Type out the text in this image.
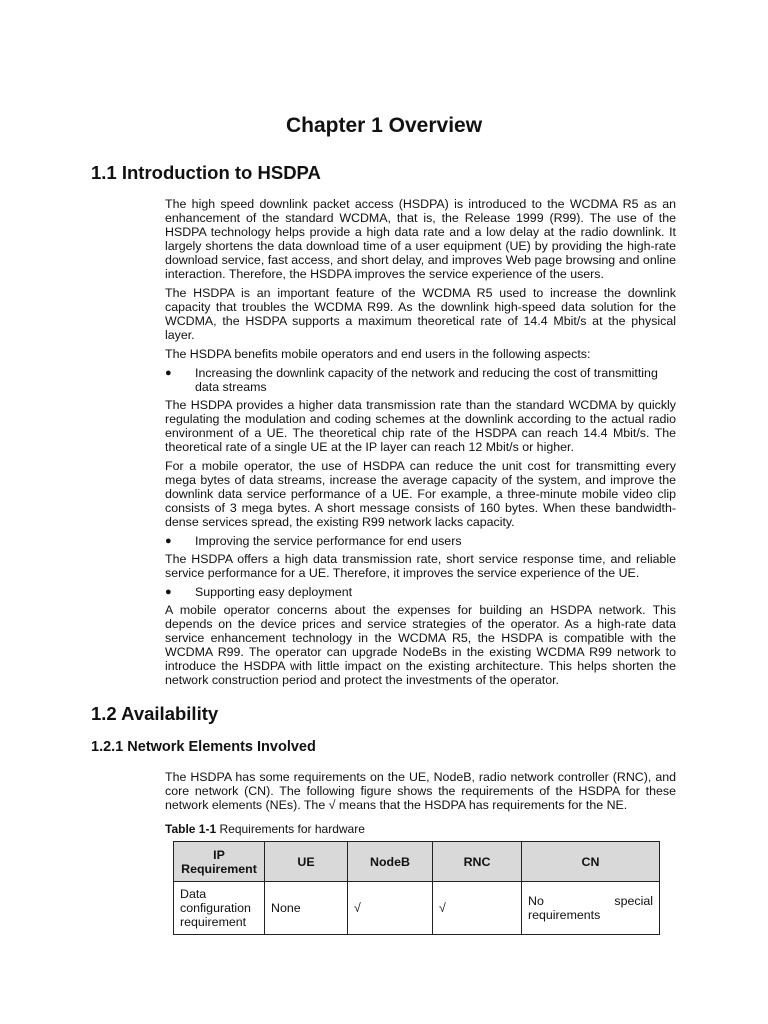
Chapter 1 Overview
1.1 Introduction to HSDPA

The high speed downlink packet access (HSDPA) is introduced to the WCDMA R5 as an enhancement of the standard WCDMA, that is, the Release 1999 (R99). The use of the HSDPA technology helps provide a high data rate and a low delay at the radio downlink. It largely shortens the data download time of a user equipment (UE) by providing the high-rate download service, fast access, and short delay, and improves Web page browsing and online interaction. Therefore, the HSDPA improves the service experience of the users.

The HSDPA is an important feature of the WCDMA R5 used to increase the downlink capacity that troubles the WCDMA R99. As the downlink high-speed data solution for the WCDMA, the HSDPA supports a maximum theoretical rate of 14.4 Mbit/s at the physical layer.

The HSDPA benefits mobile operators and end users in the following aspects:

●	Increasing the downlink capacity of the network and reducing the cost of transmitting data streams

The HSDPA provides a higher data transmission rate than the standard WCDMA by quickly regulating the modulation and coding schemes at the downlink according to the actual radio environment of a UE. The theoretical chip rate of the HSDPA can reach 14.4 Mbit/s. The theoretical rate of a single UE at the IP layer can reach 12 Mbit/s or higher.

For a mobile operator, the use of HSDPA can reduce the unit cost for transmitting every mega bytes of data streams, increase the average capacity of the system, and improve the downlink data service performance of a UE. For example, a three-minute mobile video clip consists of 3 mega bytes. A short message consists of 160 bytes. When these bandwidth-dense services spread, the existing R99 network lacks capacity.

●	Improving the service performance for end users

The HSDPA offers a high data transmission rate, short service response time, and reliable service performance for a UE. Therefore, it improves the service experience of the UE.

●	Supporting easy deployment

A mobile operator concerns about the expenses for building an HSDPA network. This depends on the device prices and service strategies of the operator. As a high-rate data service enhancement technology in the WCDMA R5, the HSDPA is compatible with the WCDMA R99. The operator can upgrade NodeBs in the existing WCDMA R99 network to introduce the HSDPA with little impact on the existing architecture. This helps shorten the network construction period and protect the investments of the operator.

1.2 Availability
1.2.1 Network Elements Involved

The HSDPA has some requirements on the UE, NodeB, radio network controller (RNC), and core network (CN). The following figure shows the requirements of the HSDPA for these network elements (NEs). The √ means that the HSDPA has requirements for the NE.

Table 1-1 Requirements for hardware

IP Requirement	UE	NodeB	RNC	CN
Data configuration requirement	None	√	√	No special requirements
